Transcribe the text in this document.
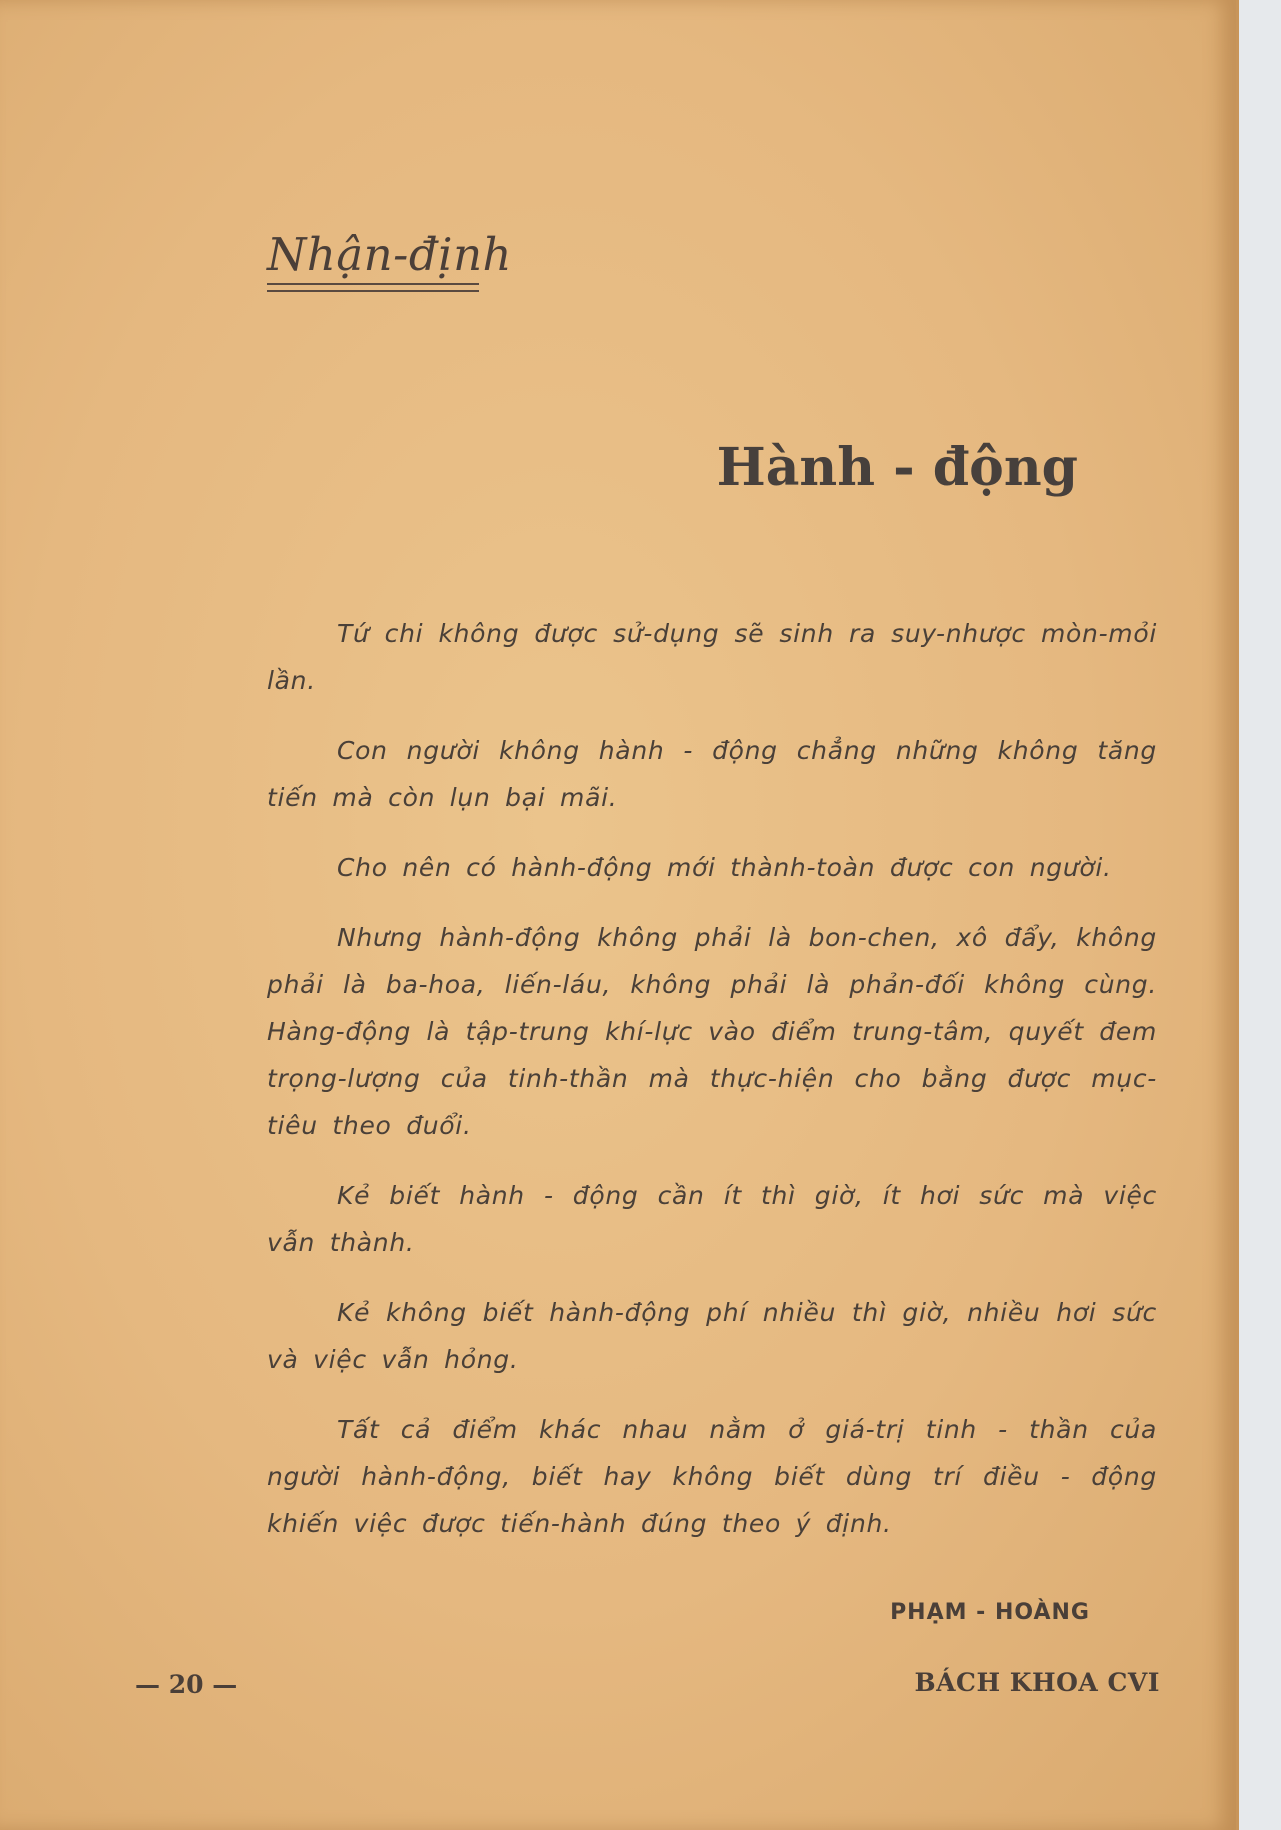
Nhận-định
Hành - động

Tứ chi không được sử-dụng sẽ sinh ra suy-nhược mòn-mỏi lần.

Con người không hành - động chẳng những không tăng tiến mà còn lụn bại mãi.

Cho nên có hành-động mới thành-toàn được con người.

Nhưng hành-động không phải là bon-chen, xô đẩy, không phải là ba-hoa, liến-láu, không phải là phản-đối không cùng. Hàng-động là tập-trung khí-lực vào điểm trung-tâm, quyết đem trọng-lượng của tinh-thần mà thực-hiện cho bằng được mục-tiêu theo đuổi.

Kẻ biết hành - động cần ít thì giờ, ít hơi sức mà việc vẫn thành.

Kẻ không biết hành-động phí nhiều thì giờ, nhiều hơi sức và việc vẫn hỏng.

Tất cả điểm khác nhau nằm ở giá-trị tinh - thần của người hành-động, biết hay không biết dùng trí điều - động khiến việc được tiến-hành đúng theo ý định.

PHẠM - HOÀNG
— 20 —	BÁCH KHOA CVI
